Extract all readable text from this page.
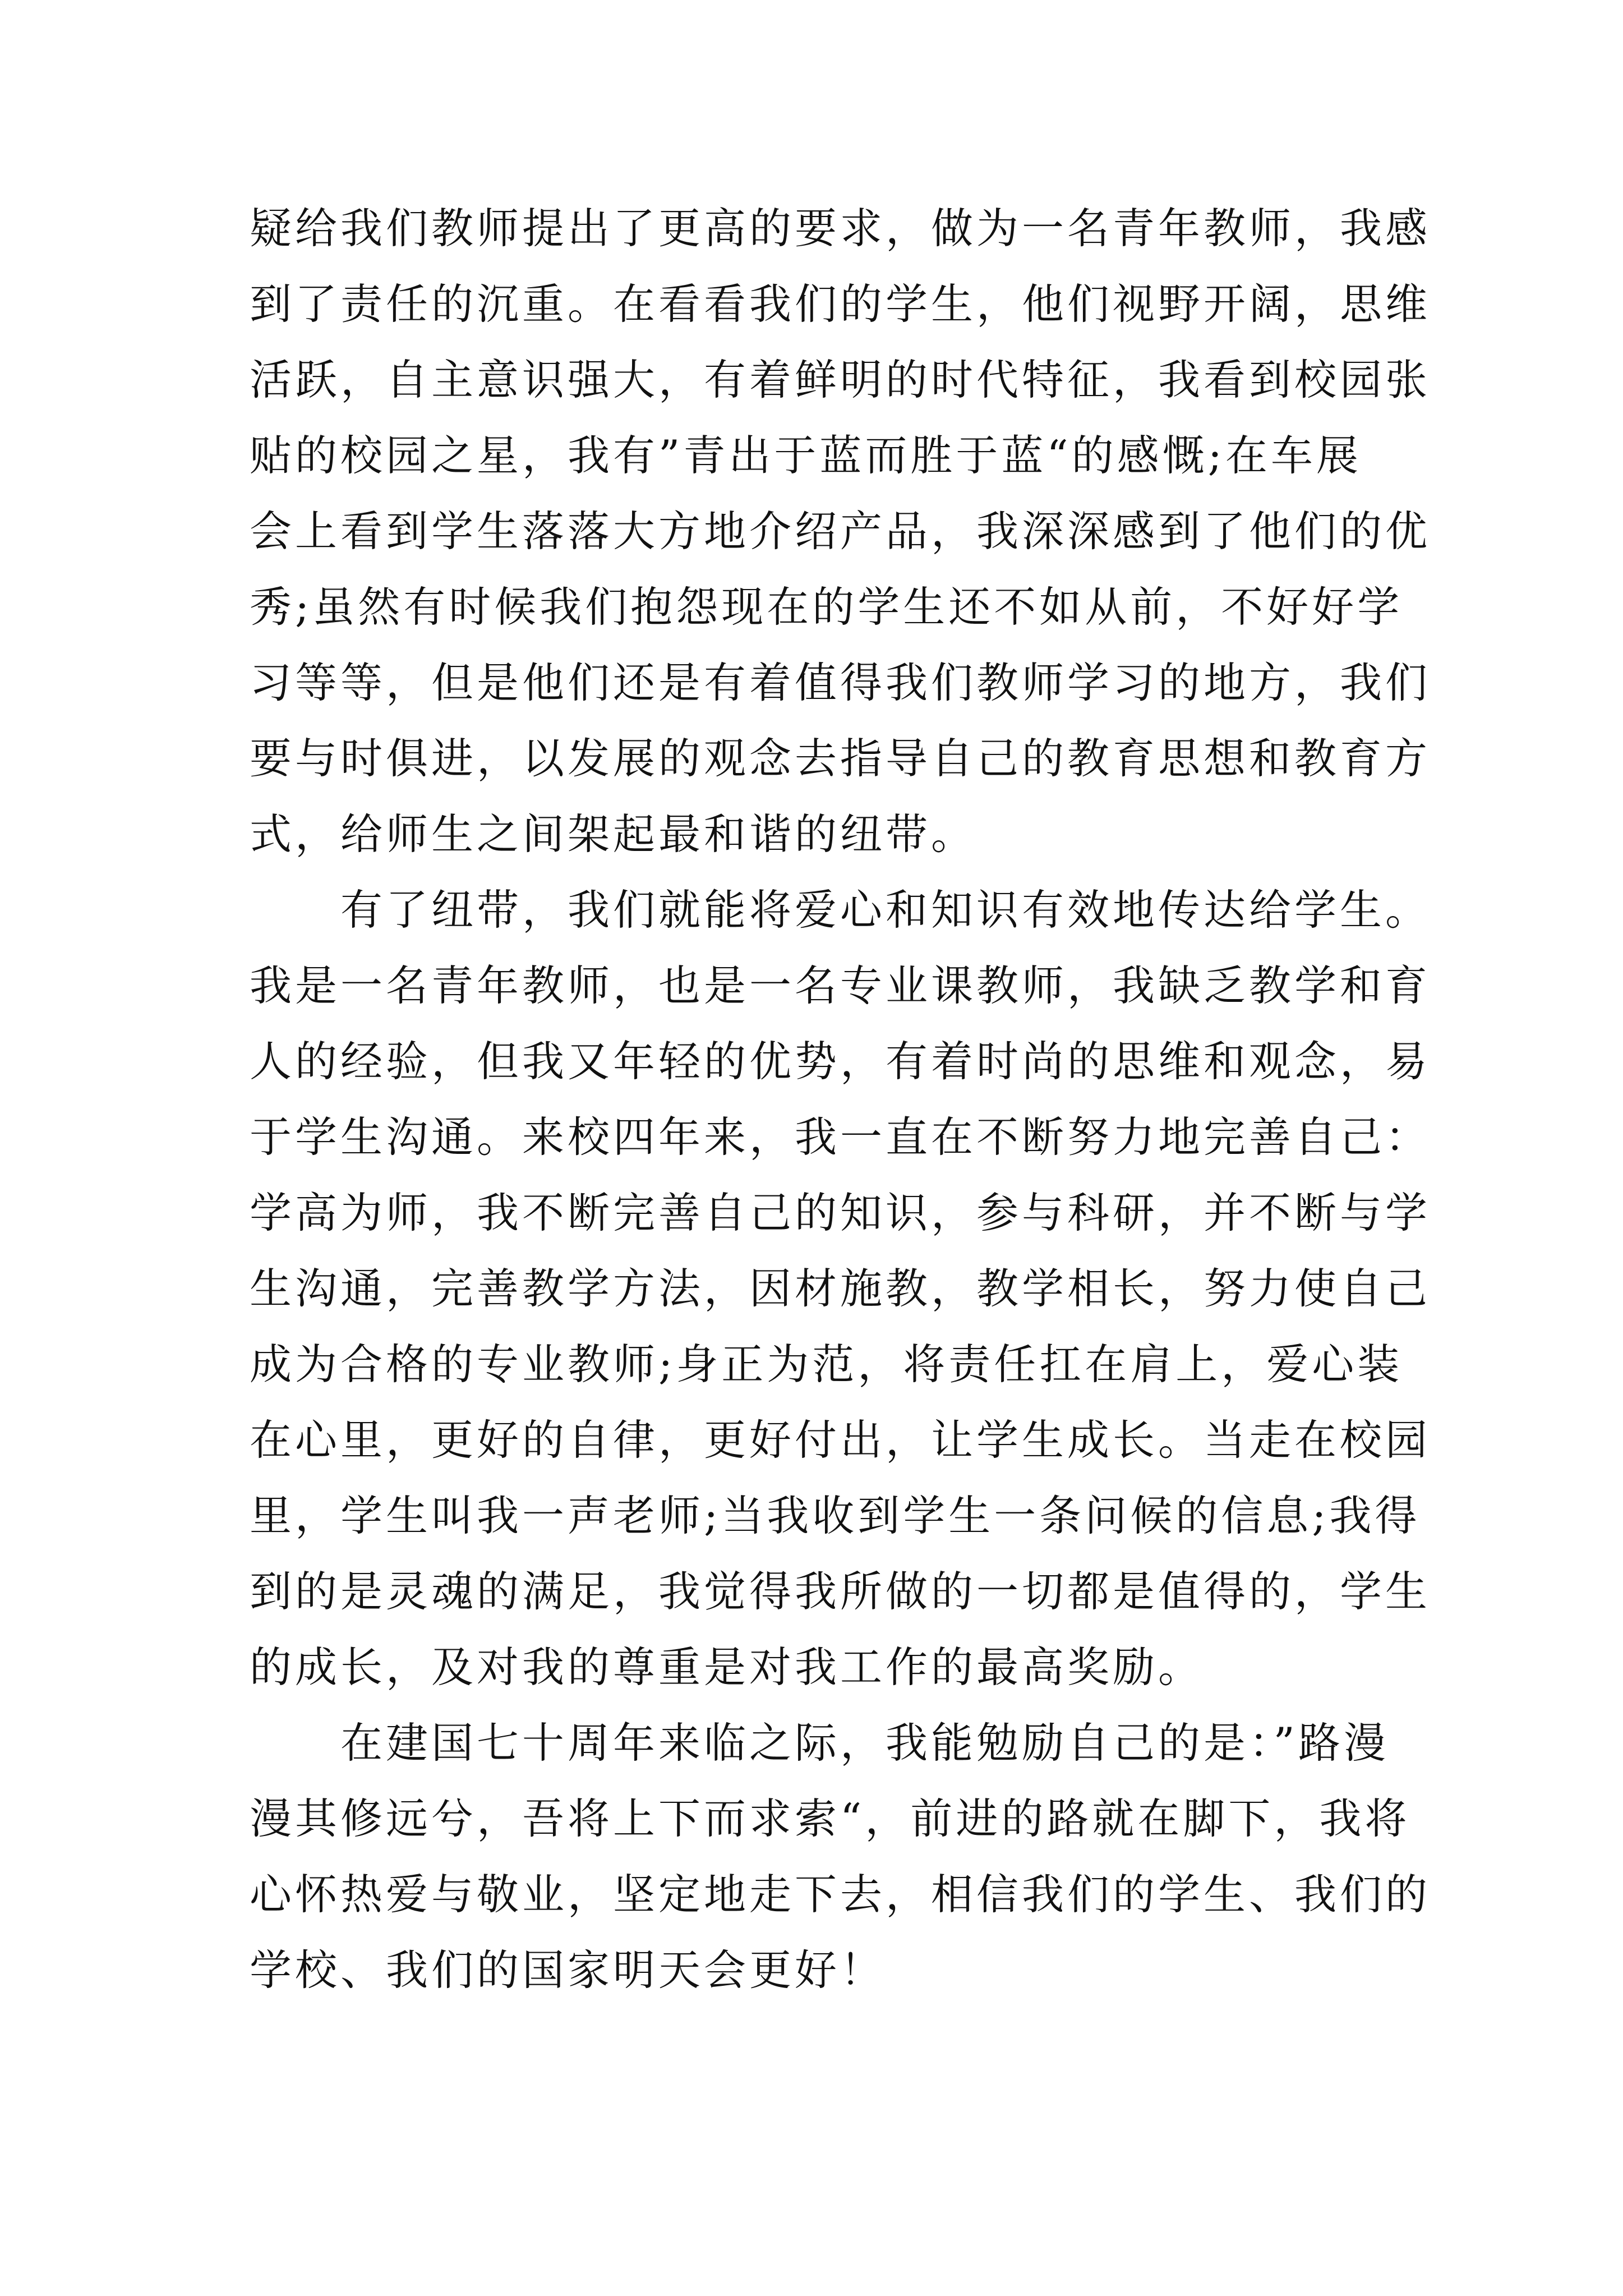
疑给我们教师提出了更高的要求，做为一名青年教师，我感
到了责任的沉重。在看看我们的学生，他们视野开阔，思维
活跃，自主意识强大，有着鲜明的时代特征，我看到校园张
贴的校园之星，我有”青出于蓝而胜于蓝“的感慨;在车展
会上看到学生落落大方地介绍产品，我深深感到了他们的优
秀;虽然有时候我们抱怨现在的学生还不如从前，不好好学
习等等，但是他们还是有着值得我们教师学习的地方，我们
要与时俱进，以发展的观念去指导自己的教育思想和教育方
式，给师生之间架起最和谐的纽带。
　　有了纽带，我们就能将爱心和知识有效地传达给学生。
我是一名青年教师，也是一名专业课教师，我缺乏教学和育
人的经验，但我又年轻的优势，有着时尚的思维和观念，易
于学生沟通。来校四年来，我一直在不断努力地完善自己：
学高为师，我不断完善自己的知识，参与科研，并不断与学
生沟通，完善教学方法，因材施教，教学相长，努力使自己
成为合格的专业教师;身正为范，将责任扛在肩上，爱心装
在心里，更好的自律，更好付出，让学生成长。当走在校园
里，学生叫我一声老师;当我收到学生一条问候的信息;我得
到的是灵魂的满足，我觉得我所做的一切都是值得的，学生
的成长，及对我的尊重是对我工作的最高奖励。
　　在建国七十周年来临之际，我能勉励自己的是：”路漫
漫其修远兮，吾将上下而求索“，前进的路就在脚下，我将
心怀热爱与敬业，坚定地走下去，相信我们的学生、我们的
学校、我们的国家明天会更好！
